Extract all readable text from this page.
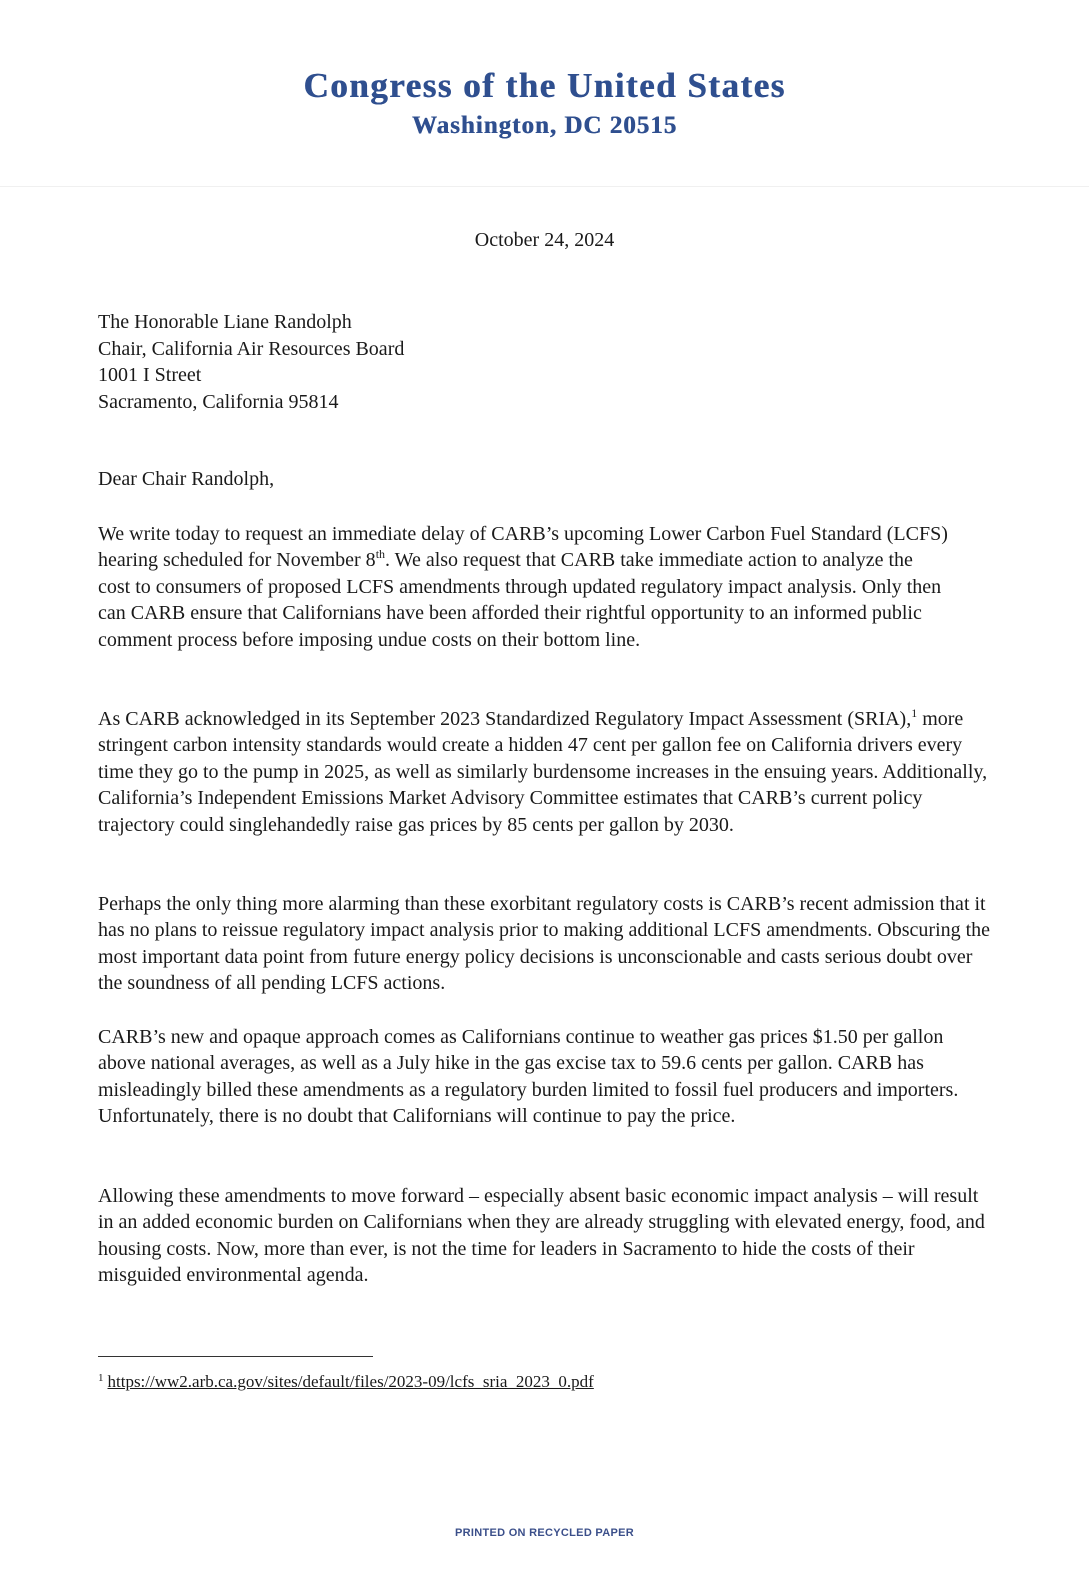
Congress of the United States
Washington, DC 20515
October 24, 2024
The Honorable Liane Randolph
Chair, California Air Resources Board
1001 I Street
Sacramento, California 95814
Dear Chair Randolph,

We write today to request an immediate delay of CARB’s upcoming Lower Carbon Fuel Standard (LCFS) hearing scheduled for November 8th. We also request that CARB take immediate action to analyze the cost to consumers of proposed LCFS amendments through updated regulatory impact analysis. Only then can CARB ensure that Californians have been afforded their rightful opportunity to an informed public comment process before imposing undue costs on their bottom line.

As CARB acknowledged in its September 2023 Standardized Regulatory Impact Assessment (SRIA),$^1$ more stringent carbon intensity standards would create a hidden 47 cent per gallon fee on California drivers every time they go to the pump in 2025, as well as similarly burdensome increases in the ensuing years. Additionally, California’s Independent Emissions Market Advisory Committee estimates that CARB’s current policy trajectory could singlehandedly raise gas prices by 85 cents per gallon by 2030.

Perhaps the only thing more alarming than these exorbitant regulatory costs is CARB’s recent admission that it has no plans to reissue regulatory impact analysis prior to making additional LCFS amendments. Obscuring the most important data point from future energy policy decisions is unconscionable and casts serious doubt over the soundness of all pending LCFS actions.

CARB’s new and opaque approach comes as Californians continue to weather gas prices $1.50 per gallon above national averages, as well as a July hike in the gas excise tax to 59.6 cents per gallon. CARB has misleadingly billed these amendments as a regulatory burden limited to fossil fuel producers and importers. Unfortunately, there is no doubt that Californians will continue to pay the price.

Allowing these amendments to move forward – especially absent basic economic impact analysis – will result in an added economic burden on Californians when they are already struggling with elevated energy, food, and housing costs. Now, more than ever, is not the time for leaders in Sacramento to hide the costs of their misguided environmental agenda.

$^1$ https://ww2.arb.ca.gov/sites/default/files/2023-09/lcfs_sria_2023_0.pdf
PRINTED ON RECYCLED PAPER
